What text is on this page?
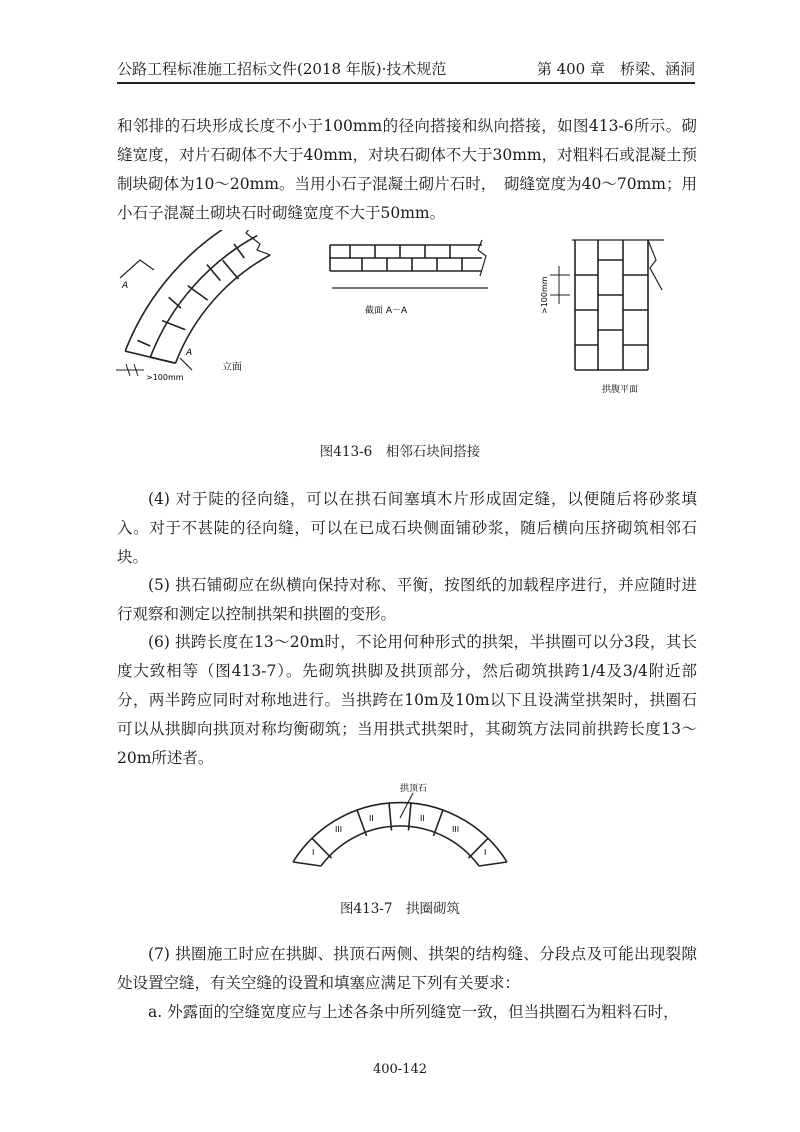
公路工程标准施工招标文件(2018 年版)·技术规范	第 400 章　桥梁、涵洞

和邻排的石块形成长度不小于100mm的径向搭接和纵向搭接，如图413-6所示。砌缝宽度，对片石砌体不大于40mm，对块石砌体不大于30mm，对粗料石或混凝土预制块砌体为10～20mm。当用小石子混凝土砌片石时，　砌缝宽度为40～70mm；用小石子混凝土砌块石时砌缝宽度不大于50mm。

A
A
立面
>100mm
截面 A－A	>100mm
拱腹平面
图413-6　相邻石块间搭接

(4) 对于陡的径向缝，可以在拱石间塞填木片形成固定缝，以便随后将砂浆填入。对于不甚陡的径向缝，可以在已成石块侧面铺砂浆，随后横向压挤砌筑相邻石块。

(5) 拱石铺砌应在纵横向保持对称、平衡，按图纸的加载程序进行，并应随时进行观察和测定以控制拱架和拱圈的变形。

(6) 拱跨长度在13～20m时，不论用何种形式的拱架，半拱圈可以分3段，其长度大致相等（图413-7）。先砌筑拱脚及拱顶部分，然后砌筑拱跨1/4及3/4附近部分，两半跨应同时对称地进行。当拱跨在10m及10m以下且设满堂拱架时，拱圈石可以从拱脚向拱顶对称均衡砌筑；当用拱式拱架时，其砌筑方法同前拱跨长度13～20m所述者。

拱顶石
I
III
II	II
III
I
图413-7　拱圈砌筑

(7) 拱圈施工时应在拱脚、拱顶石两侧、拱架的结构缝、分段点及可能出现裂隙处设置空缝，有关空缝的设置和填塞应满足下列有关要求：

a. 外露面的空缝宽度应与上述各条中所列缝宽一致，但当拱圈石为粗料石时，

400-142
